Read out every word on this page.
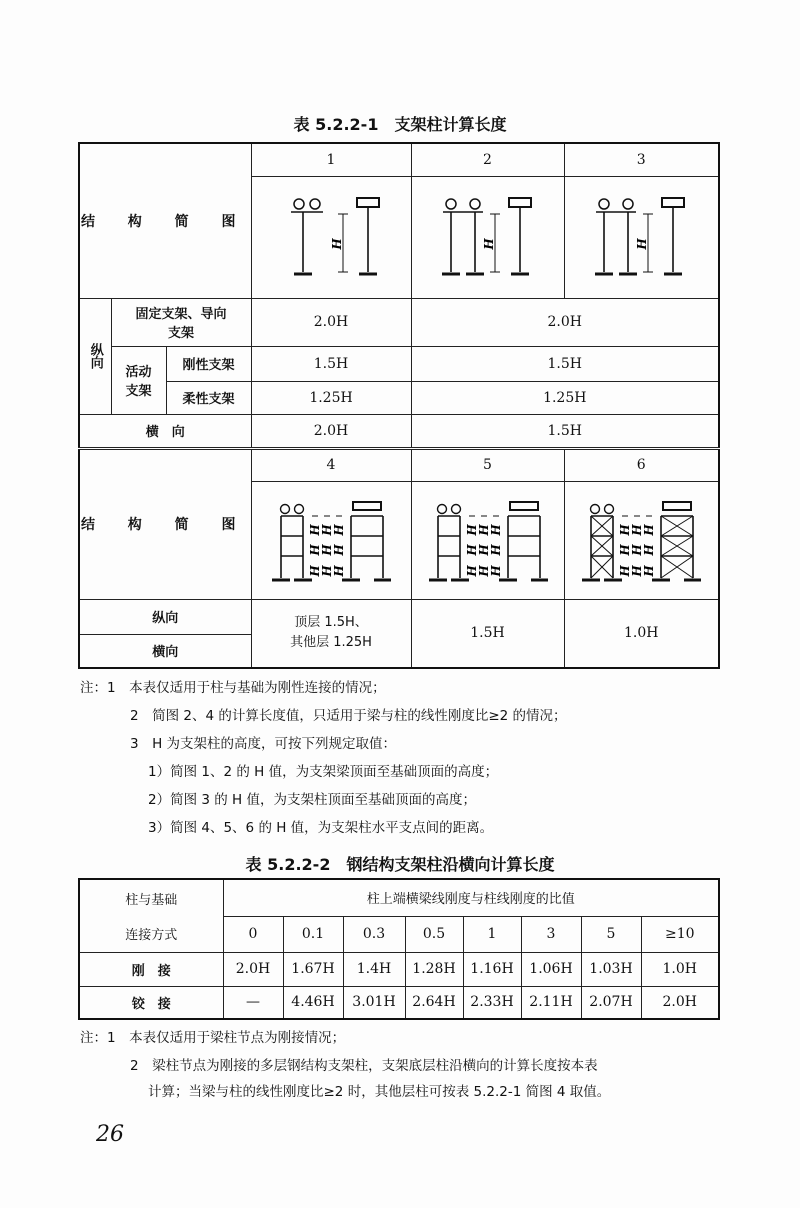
表 5.2.2-1　支架柱计算长度
结 构 简 图	1	2	3

H	H	H

纵向	固定支架、导向支架	2.0H	2.0H
活动支架	刚性支架	1.5H	1.5H
柔性支架	1.25H	1.25H
横　向	2.0H	1.5H
结 构 简 图	4	5	6

H
H
H
H
H
H
H
H
H

H
H
H
H
H
H
H
H
H

H
H
H
H
H
H
H
H
H

纵向	顶层 1.5H、
其他层 1.25H
	1.5H	1.0H
横向
注：1　本表仅适用于柱与基础为刚性连接的情况；
2　简图 2、4 的计算长度值，只适用于梁与柱的线性刚度比≥2 的情况；
3　H 为支架柱的高度，可按下列规定取值：
1）简图 1、2 的 H 值，为支架梁顶面至基础顶面的高度；
2）简图 3 的 H 值，为支架柱顶面至基础顶面的高度；
3）简图 4、5、6 的 H 值，为支架柱水平支点间的距离。
表 5.2.2-2　钢结构支架柱沿横向计算长度
柱与基础	柱上端横梁线刚度与柱线刚度的比值
连接方式	0	0.1	0.3	0.5	1	3	5	≥10
刚　接	2.0H	1.67H	1.4H	1.28H	1.16H	1.06H	1.03H	1.0H
铰　接	—	4.46H	3.01H	2.64H	2.33H	2.11H	2.07H	2.0H
注：1　本表仅适用于梁柱节点为刚接情况；
2　梁柱节点为刚接的多层钢结构支架柱，支架底层柱沿横向的计算长度按本表
计算；当梁与柱的线性刚度比≥2 时，其他层柱可按表 5.2.2-1 简图 4 取值。
26
